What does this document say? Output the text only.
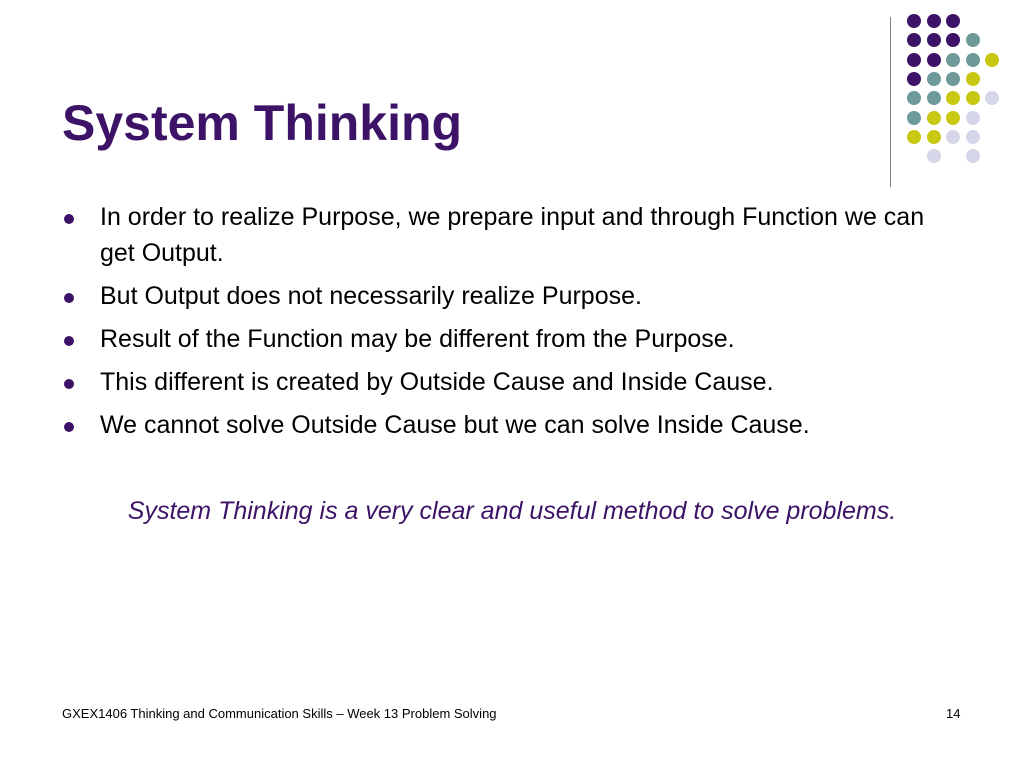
System Thinking
In order to realize Purpose, we prepare input and through Function we can get Output.
But Output does not necessarily realize Purpose.
Result of the Function may be different from the Purpose.
This different is created by Outside Cause and Inside Cause.
We cannot solve Outside Cause but we can solve Inside Cause.

System Thinking is a very clear and useful method to solve problems.

GXEX1406 Thinking and Communication Skills – Week 13 Problem Solving	14
